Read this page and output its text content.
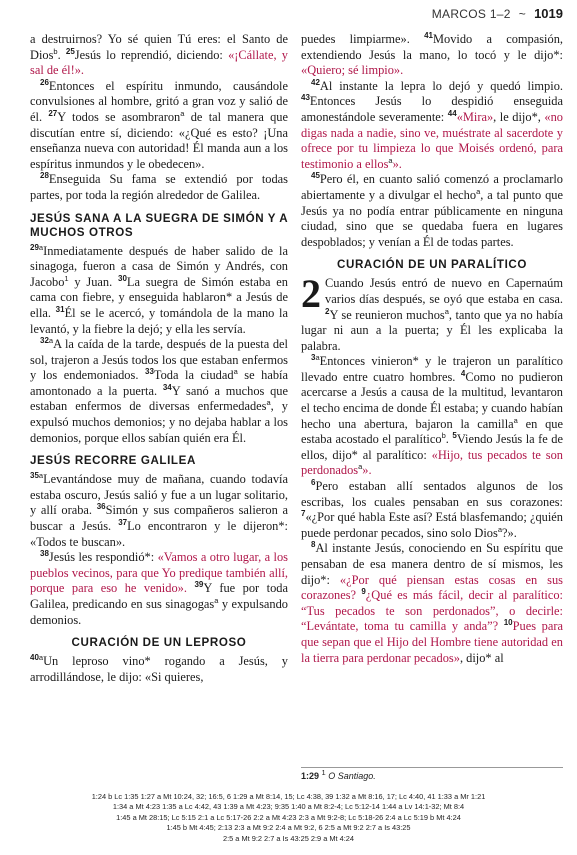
MARCOS 1–2 ~ 1019

a destruirnos? Yo sé quien Tú eres: el Santo de Dios$^b$. $^{25}$Jesús lo reprendió, diciendo: «¡Cállate, y sal de él!».

$^{26}$Entonces el espíritu inmundo, causándole convulsiones al hombre, gritó a gran voz y salió de él. $^{27}$Y todos se asombraron$^a$ de tal manera que discutían entre sí, diciendo: «¿Qué es esto? ¡Una enseñanza nueva con autoridad! Él manda aun a los espíritus inmundos y le obedecen».

$^{28}$Enseguida Su fama se extendió por todas partes, por toda la región alrededor de Galilea.

JESÚS SANA A LA SUEGRA DE SIMÓN Y A MUCHOS OTROS

$^{29a}$Inmediatamente después de haber salido de la sinagoga, fueron a casa de Simón y Andrés, con Jacobo$^1$ y Juan. $^{30}$La suegra de Simón estaba en cama con fiebre, y enseguida hablaron* a Jesús de ella. $^{31}$Él se le acercó, y tomándola de la mano la levantó, y la fiebre la dejó; y ella les servía.

$^{32a}$A la caída de la tarde, después de la puesta del sol, trajeron a Jesús todos los que estaban enfermos y los endemoniados. $^{33}$Toda la ciudad$^a$ se había amontonado a la puerta. $^{34}$Y sanó a muchos que estaban enfermos de diversas enfermedades$^a$, y expulsó muchos demonios; y no dejaba hablar a los demonios, porque ellos sabían quién era Él.

JESÚS RECORRE GALILEA

$^{35a}$Levantándose muy de mañana, cuando todavía estaba oscuro, Jesús salió y fue a un lugar solitario, y allí oraba. $^{36}$Simón y sus compañeros salieron a buscar a Jesús. $^{37}$Lo encontraron y le dijeron*: «Todos te buscan».

$^{38}$Jesús les respondió*: «Vamos a otro lugar, a los pueblos vecinos, para que Yo predique también allí, porque para eso he venido». $^{39}$Y fue por toda Galilea, predicando en sus sinagogas$^a$ y expulsando demonios.

CURACIÓN DE UN LEPROSO

$^{40a}$Un leproso vino* rogando a Jesús, y arrodillándose, le dijo: «Si quieres,

puedes limpiarme». $^{41}$Movido a compasión, extendiendo Jesús la mano, lo tocó y le dijo*: «Quiero; sé limpio».

$^{42}$Al instante la lepra lo dejó y quedó limpio. $^{43}$Entonces Jesús lo despidió enseguida amonestándole severamente: $^{44}$«Mira», le dijo*, «no digas nada a nadie, sino ve, muéstrate al sacerdote y ofrece por tu limpieza lo que Moisés ordenó, para testimonio a ellos$^a$».

$^{45}$Pero él, en cuanto salió comenzó a proclamarlo abiertamente y a divulgar el hecho$^a$, a tal punto que Jesús ya no podía entrar públicamente en ninguna ciudad, sino que se quedaba fuera en lugares despoblados; y venían a Él de todas partes.

CURACIÓN DE UN PARALÍTICO

2 Cuando Jesús entró de nuevo en Capernaúm varios días después, se oyó que estaba en casa. $^2$Y se reunieron muchos$^a$, tanto que ya no había lugar ni aun a la puerta; y Él les explicaba la palabra.

$^{3a}$Entonces vinieron* y le trajeron un paralítico llevado entre cuatro hombres. $^4$Como no pudieron acercarse a Jesús a causa de la multitud, levantaron el techo encima de donde Él estaba; y cuando habían hecho una abertura, bajaron la camilla$^a$ en que estaba acostado el paralítico$^b$. $^5$Viendo Jesús la fe de ellos, dijo* al paralítico: «Hijo, tus pecados te son perdonados$^a$».

$^6$Pero estaban allí sentados algunos de los escribas, los cuales pensaban en sus corazones: $^7$«¿Por qué habla Este así? Está blasfemando; ¿quién puede perdonar pecados, sino solo Dios$^a$?».

$^8$Al instante Jesús, conociendo en Su espíritu que pensaban de esa manera dentro de sí mismos, les dijo*: «¿Por qué piensan estas cosas en sus corazones? $^9$¿Qué es más fácil, decir al paralítico: “Tus pecados te son perdonados”, o decirle: “Levántate, toma tu camilla y anda”? $^{10}$Pues para que sepan que el Hijo del Hombre tiene autoridad en la tierra para perdonar pecados», dijo* al

1:29 $^1$ O Santiago.
1:24 b Lc 1:35 1:27 a Mt 10:24, 32; 16:5, 6 1:29 a Mt 8:14, 15; Lc 4:38, 39 1:32 a Mt 8:16, 17; Lc 4:40, 41 1:33 a Mr 1:21
1:34 a Mt 4:23 1:35 a Lc 4:42, 43 1:39 a Mt 4:23; 9:35 1:40 a Mt 8:2-4; Lc 5:12-14 1:44 a Lv 14:1-32; Mt 8:4
1:45 a Mt 28:15; Lc 5:15 2:1 a Lc 5:17-26 2:2 a Mt 4:23 2:3 a Mt 9:2-8; Lc 5:18-26 2:4 a Lc 5:19 b Mt 4:24
1:45 b Mt 4:45; 2:13 2:3 a Mt 9:2 2:4 a Mt 9:2, 6 2:5 a Mt 9:2 2:7 a Is 43:25
2:5 a Mt 9:2 2:7 a Is 43:25 2:9 a Mt 4:24
